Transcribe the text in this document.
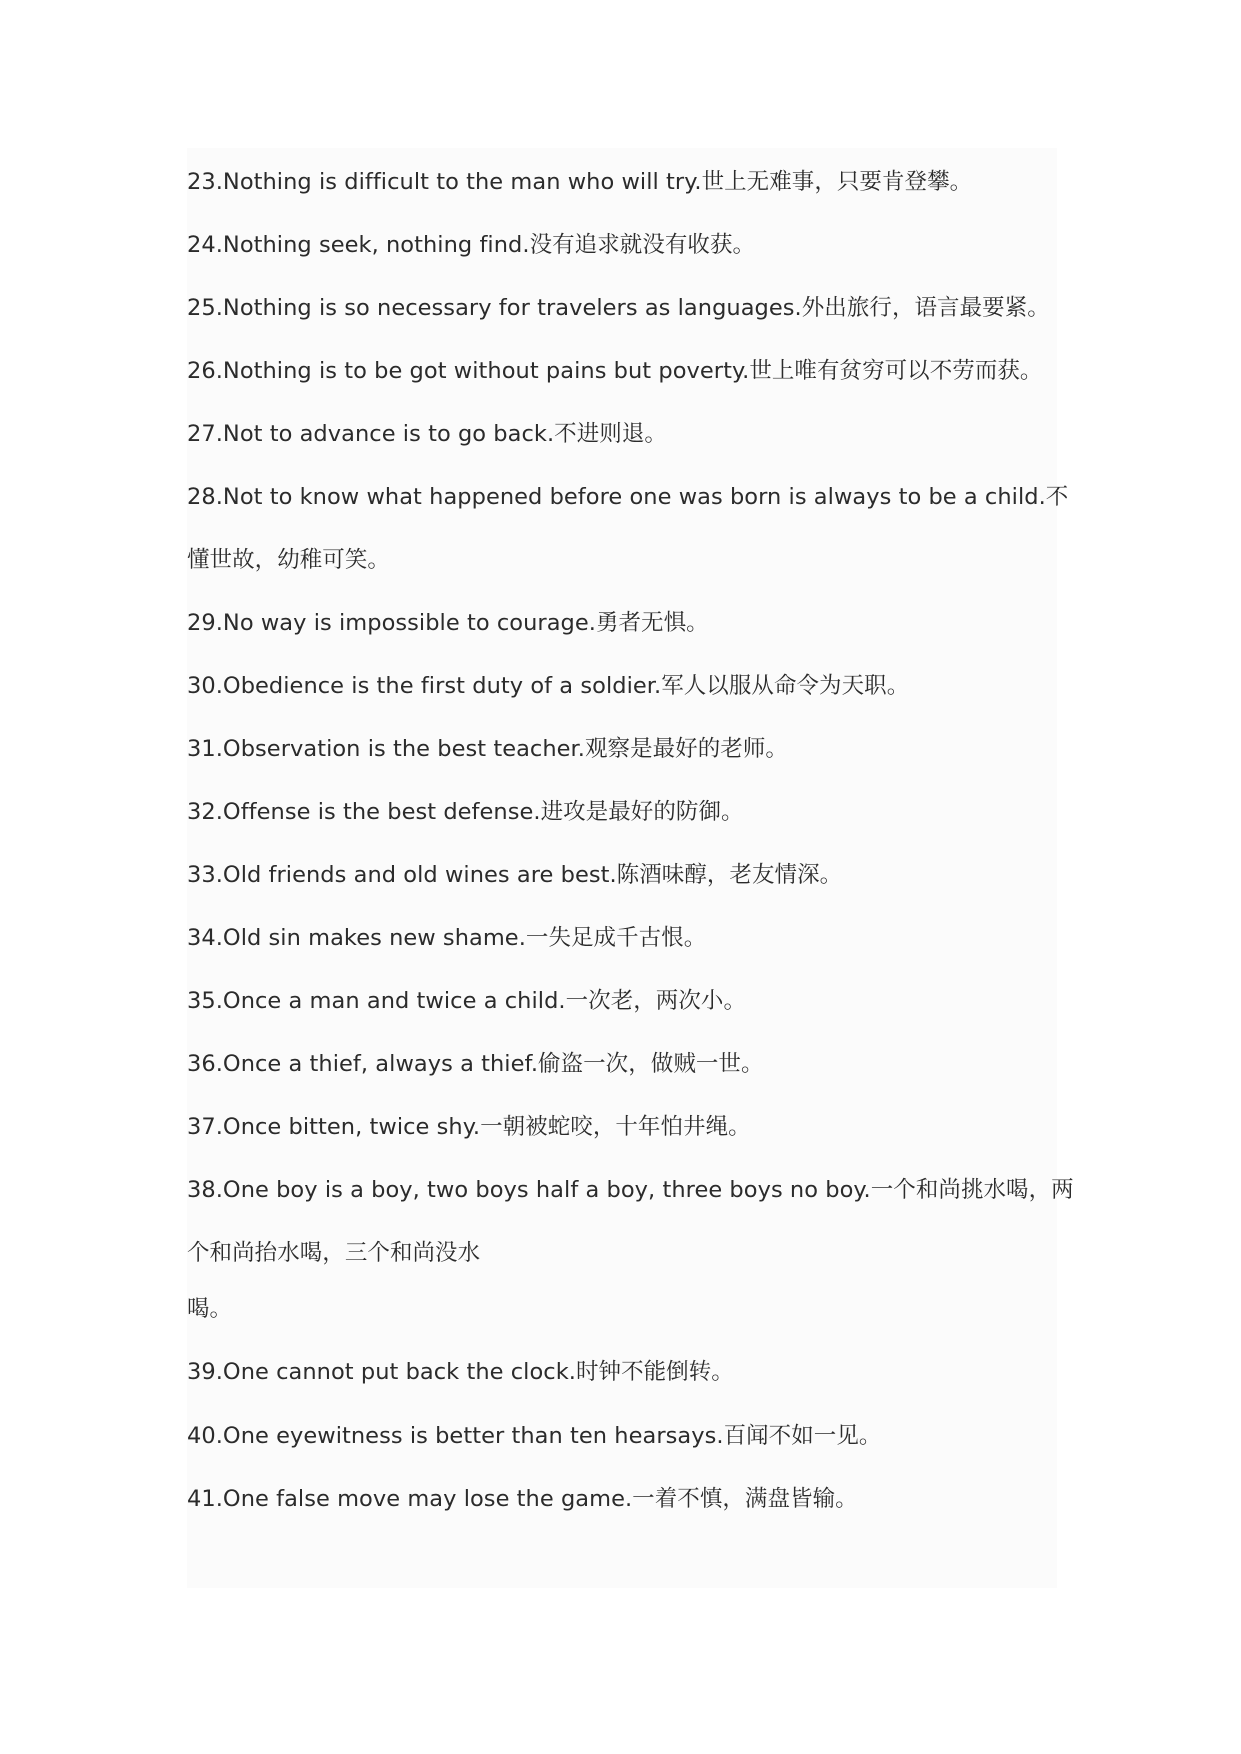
23.Nothing is difficult to the man who will try.世上无难事，只要肯登攀。
24.Nothing seek, nothing find.没有追求就没有收获。
25.Nothing is so necessary for travelers as languages.外出旅行，语言最要紧。
26.Nothing is to be got without pains but poverty.世上唯有贫穷可以不劳而获。
27.Not to advance is to go back.不进则退。
28.Not to know what happened before one was born is always to be a child.不
懂世故，幼稚可笑。
29.No way is impossible to courage.勇者无惧。
30.Obedience is the first duty of a soldier.军人以服从命令为天职。
31.Observation is the best teacher.观察是最好的老师。
32.Offense is the best defense.进攻是最好的防御。
33.Old friends and old wines are best.陈酒味醇，老友情深。
34.Old sin makes new shame.一失足成千古恨。
35.Once a man and twice a child.一次老，两次小。
36.Once a thief, always a thief.偷盗一次，做贼一世。
37.Once bitten, twice shy.一朝被蛇咬，十年怕井绳。
38.One boy is a boy, two boys half a boy, three boys no boy.一个和尚挑水喝，两
个和尚抬水喝，三个和尚没水
喝。
39.One cannot put back the clock.时钟不能倒转。
40.One eyewitness is better than ten hearsays.百闻不如一见。
41.One false move may lose the game.一着不慎，满盘皆输。
